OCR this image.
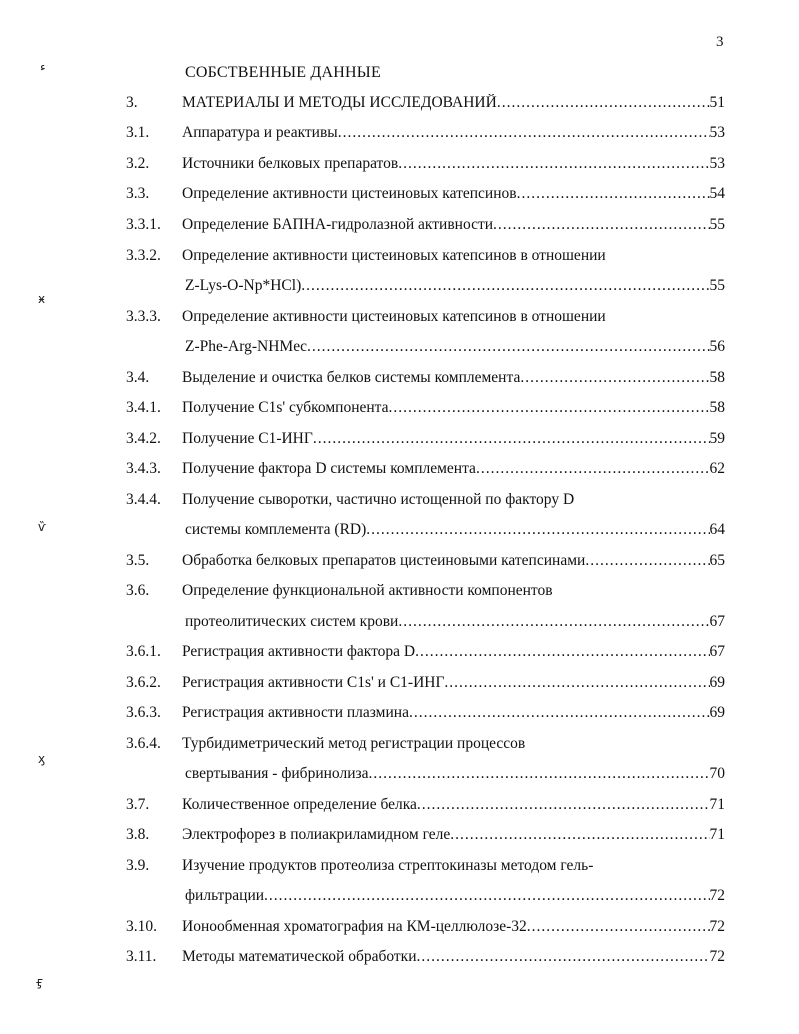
3
СОБСТВЕННЫЕ ДАННЫЕ
ء
ӿ
ѷ
ӽ
ӻ
3.	МАТЕРИАЛЫ И МЕТОДЫ ИССЛЕДОВАНИЙ .....	51
3.1. Аппаратура и реактивы .....	53
3.2. Источники белковых препаратов .....	53
3.3. Определение активности цистеиновых катепсинов .....	54
3.3.1. Определение БАПНА-гидролазной активности .....	55
3.3.2. Определение активности цистеиновых катепсинов в отношении
Z-Lys-O-Np*HCl) .....	55
3.3.3. Определение активности цистеиновых катепсинов в отношении
Z-Phe-Arg-NHMec .....	56
3.4. Выделение и очистка белков системы комплемента .....	58
3.4.1. Получение C1s' субкомпонента .....	58
3.4.2. Получение C1-ИНГ .....	59
3.4.3. Получение фактора D системы комплемента .....	62
3.4.4. Получение сыворотки, частично истощенной по фактору D
системы комплемента (RD) .....	64
3.5. Обработка белковых препаратов цистеиновыми катепсинами .....	65
3.6. Определение функциональной активности компонентов
протеолитических систем крови .....	67
3.6.1. Регистрация активности фактора D .....	67
3.6.2. Регистрация активности C1s' и C1-ИНГ .....	69
3.6.3. Регистрация активности плазмина .....	69
3.6.4. Турбидиметрический метод регистрации процессов
свертывания - фибринолиза .....	70
3.7. Количественное определение белка .....	71
3.8. Электрофорез в полиакриламидном геле .....	71
3.9. Изучение продуктов протеолиза стрептокиназы методом гель-
фильтрации .....	72
3.10. Ионообменная хроматография на КМ-целлюлозе-32 .....	72
3.11. Методы математической обработки .....	72
